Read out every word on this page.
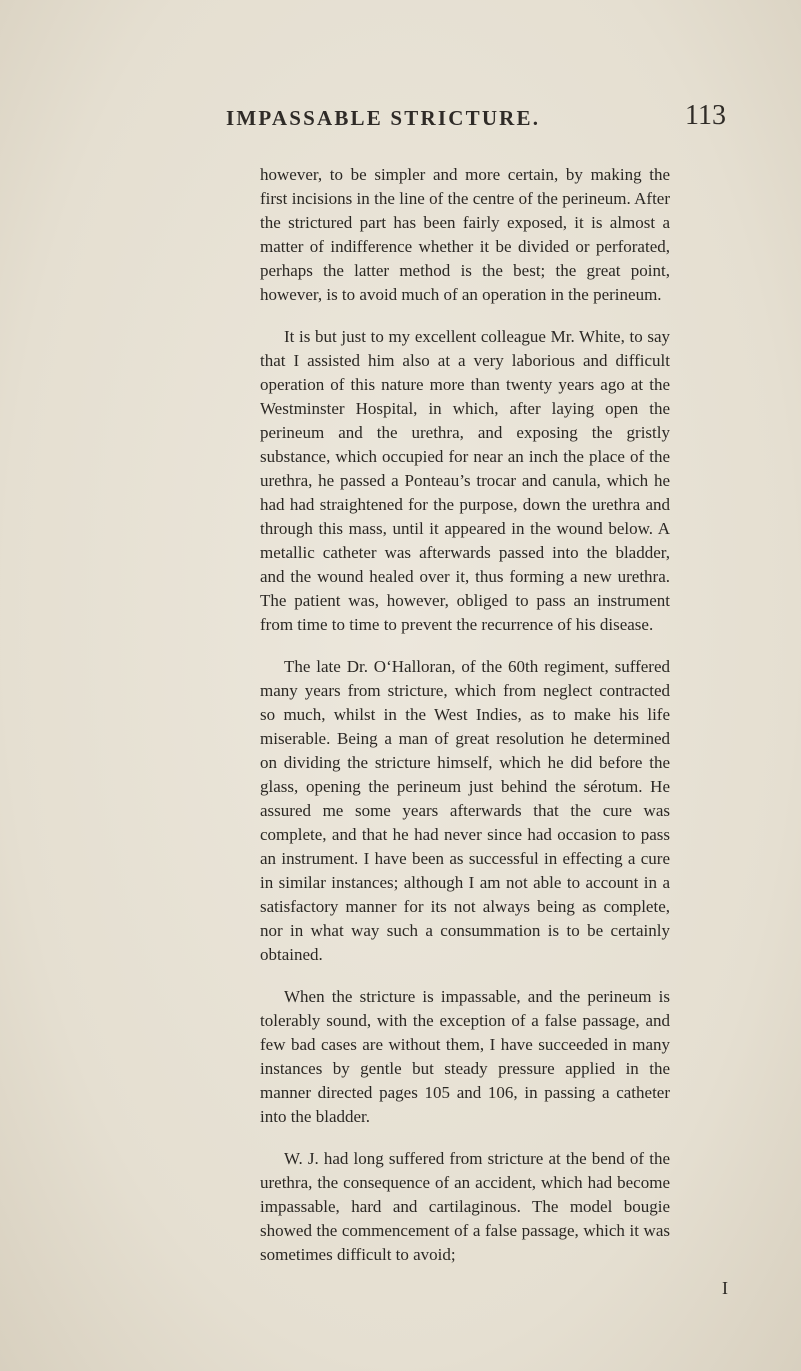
IMPASSABLE STRICTURE.	113

however, to be simpler and more certain, by making the first incisions in the line of the centre of the perineum. After the strictured part has been fairly exposed, it is almost a matter of indifference whether it be divided or perforated, perhaps the latter method is the best; the great point, however, is to avoid much of an operation in the perineum.

It is but just to my excellent colleague Mr. White, to say that I assisted him also at a very laborious and difficult operation of this nature more than twenty years ago at the Westminster Hospital, in which, after laying open the perineum and the urethra, and exposing the gristly substance, which occupied for near an inch the place of the urethra, he passed a Ponteau’s trocar and canula, which he had had straightened for the purpose, down the urethra and through this mass, until it appeared in the wound below. A metallic catheter was afterwards passed into the bladder, and the wound healed over it, thus forming a new urethra. The patient was, however, obliged to pass an instrument from time to time to prevent the recurrence of his disease.

The late Dr. O‘Halloran, of the 60th regiment, suffered many years from stricture, which from neglect contracted so much, whilst in the West Indies, as to make his life miserable. Being a man of great resolution he determined on dividing the stricture himself, which he did before the glass, opening the perineum just behind the sérotum. He assured me some years afterwards that the cure was complete, and that he had never since had occasion to pass an instrument. I have been as successful in effecting a cure in similar instances; although I am not able to account in a satisfactory manner for its not always being as complete, nor in what way such a consummation is to be certainly obtained.

When the stricture is impassable, and the perineum is tolerably sound, with the exception of a false passage, and few bad cases are without them, I have succeeded in many instances by gentle but steady pressure applied in the manner directed pages 105 and 106, in passing a catheter into the bladder.

W. J. had long suffered from stricture at the bend of the urethra, the consequence of an accident, which had become impassable, hard and cartilaginous. The model bougie showed the commencement of a false passage, which it was sometimes difficult to avoid;

I
